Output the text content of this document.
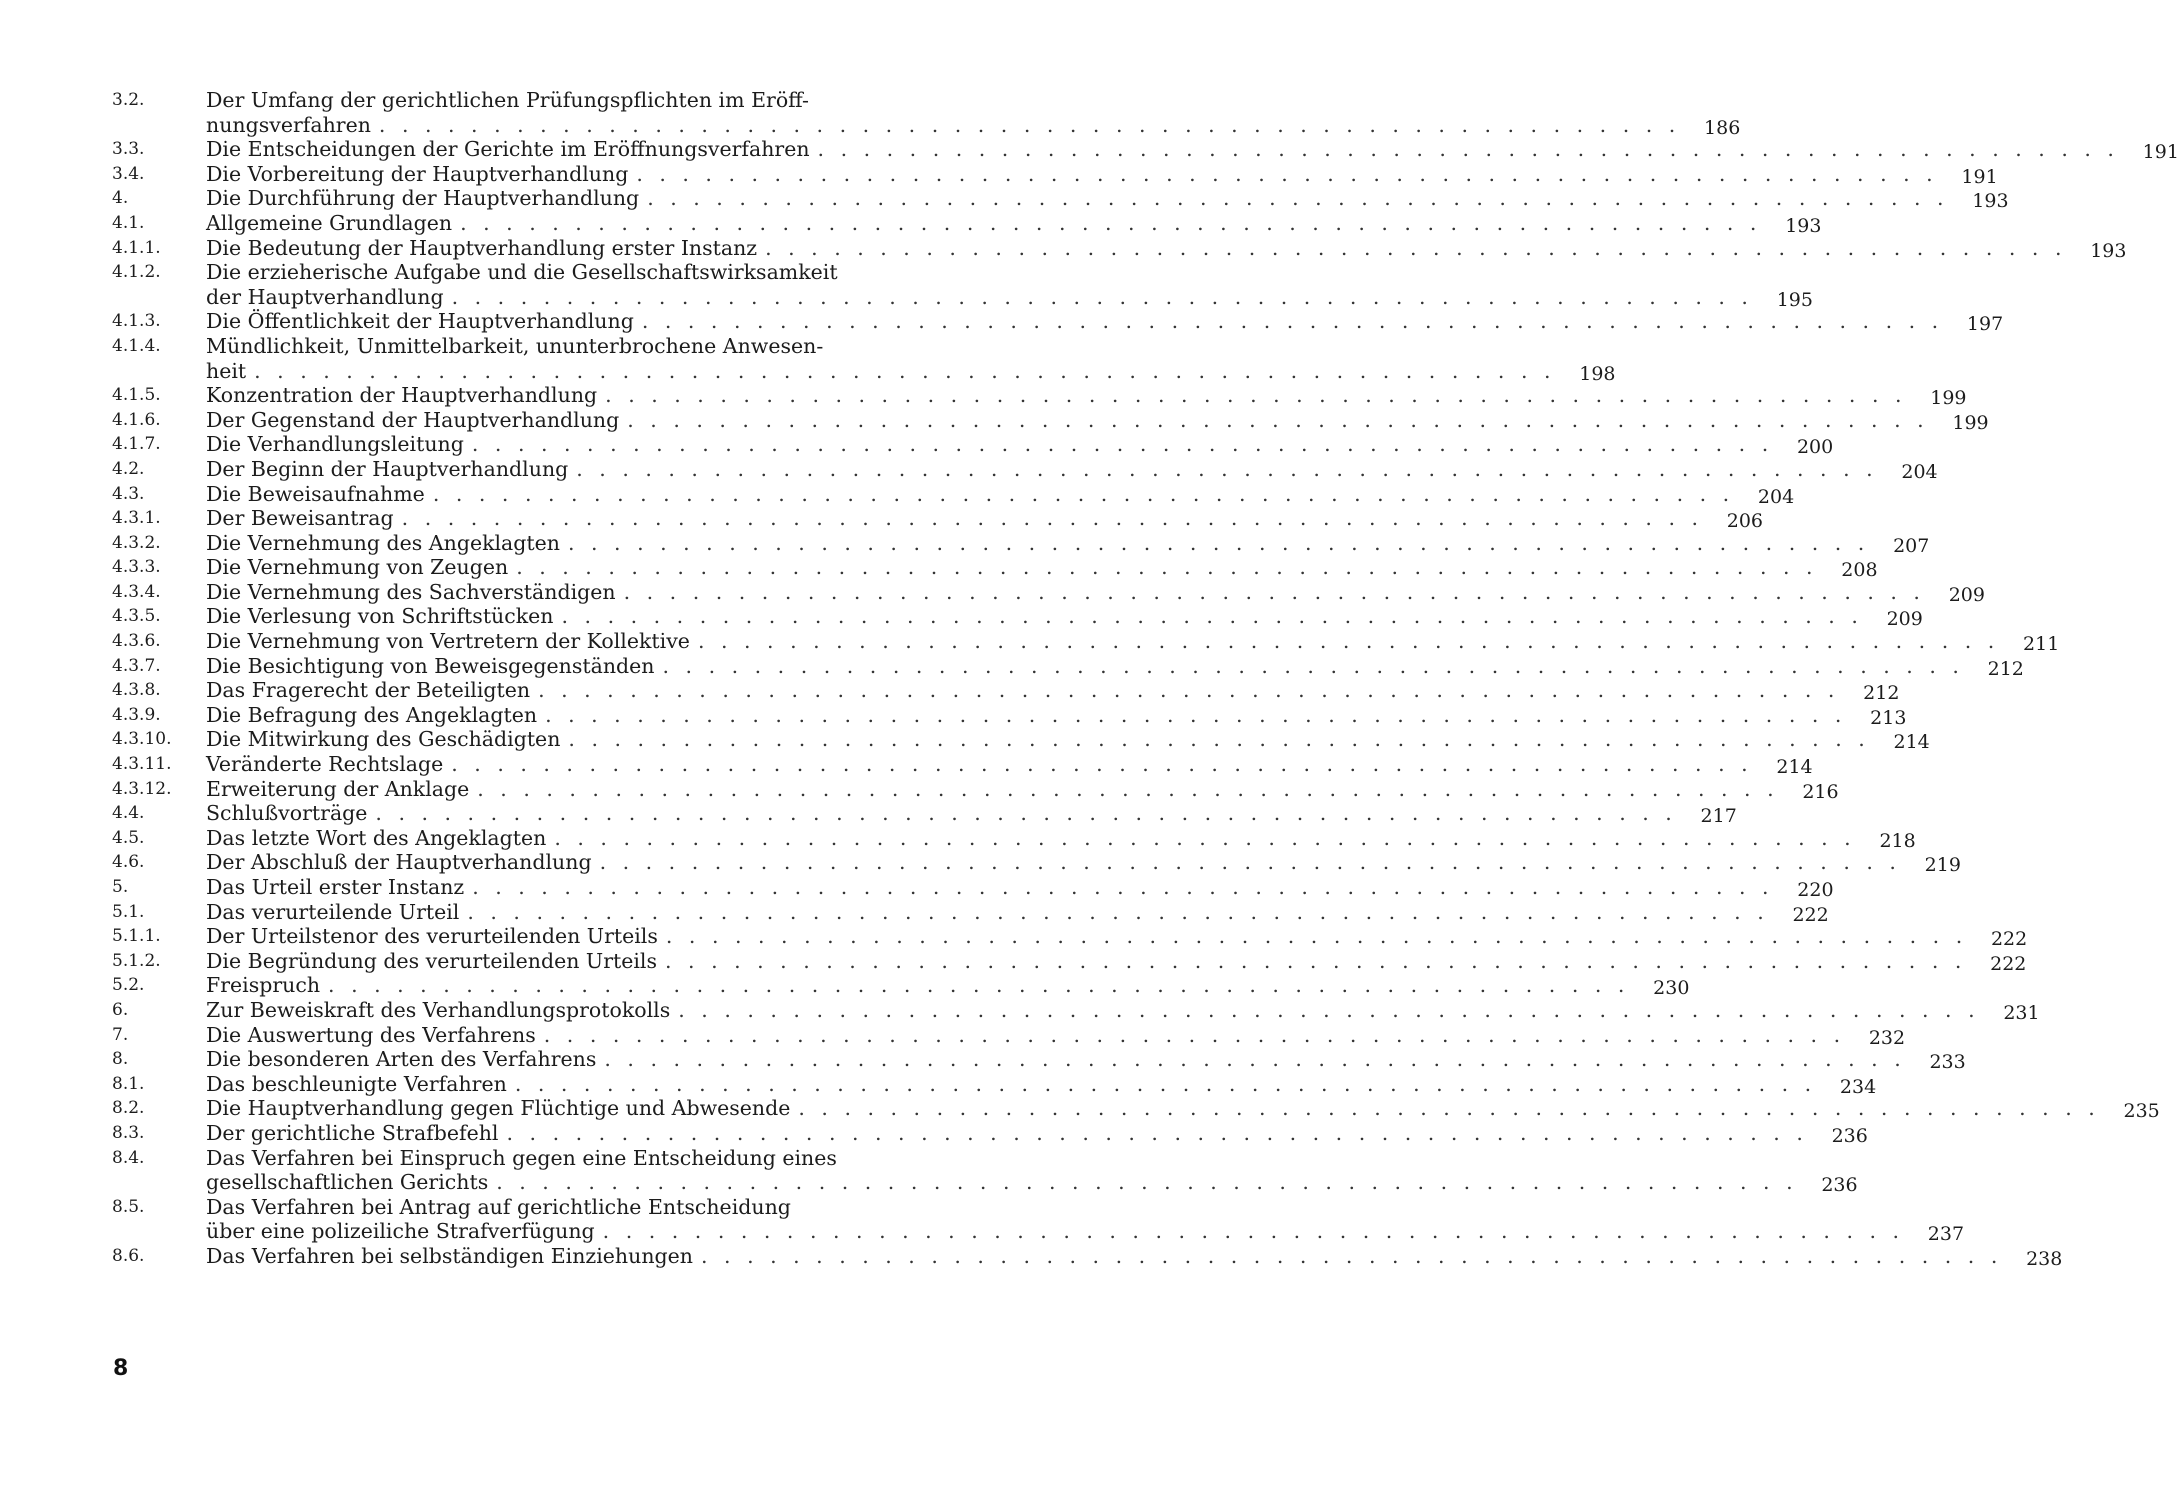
3.2.	Der Umfang der gerichtlichen Prüfungspflichten im Eröff-
nungsverfahren . . . . . . . . . . . . . . . . . . . . . . . . . . . . . . . . . . . . . . . . . . . . . . . . . . . . . . . . .	186
3.3.	Die Entscheidungen der Gerichte im Eröffnungsverfahren . . . . . . . . . . . . . . . . . . . . . . . . . . . . . . . . . . . . . . . . . . . . . . . . . . . . . . . . .	191
3.4.	Die Vorbereitung der Hauptverhandlung . . . . . . . . . . . . . . . . . . . . . . . . . . . . . . . . . . . . . . . . . . . . . . . . . . . . . . . . .	191
4.	Die Durchführung der Hauptverhandlung . . . . . . . . . . . . . . . . . . . . . . . . . . . . . . . . . . . . . . . . . . . . . . . . . . . . . . . . .	193
4.1.	Allgemeine Grundlagen . . . . . . . . . . . . . . . . . . . . . . . . . . . . . . . . . . . . . . . . . . . . . . . . . . . . . . . . .	193
4.1.1.	Die Bedeutung der Hauptverhandlung erster Instanz . . . . . . . . . . . . . . . . . . . . . . . . . . . . . . . . . . . . . . . . . . . . . . . . . . . . . . . . .	193
4.1.2.	Die erzieherische Aufgabe und die Gesellschaftswirksamkeit
der Hauptverhandlung . . . . . . . . . . . . . . . . . . . . . . . . . . . . . . . . . . . . . . . . . . . . . . . . . . . . . . . . .	195
4.1.3.	Die Öffentlichkeit der Hauptverhandlung . . . . . . . . . . . . . . . . . . . . . . . . . . . . . . . . . . . . . . . . . . . . . . . . . . . . . . . . .	197
4.1.4.	Mündlichkeit, Unmittelbarkeit, ununterbrochene Anwesen-
heit . . . . . . . . . . . . . . . . . . . . . . . . . . . . . . . . . . . . . . . . . . . . . . . . . . . . . . . . .	198
4.1.5.	Konzentration der Hauptverhandlung . . . . . . . . . . . . . . . . . . . . . . . . . . . . . . . . . . . . . . . . . . . . . . . . . . . . . . . . .	199
4.1.6.	Der Gegenstand der Hauptverhandlung . . . . . . . . . . . . . . . . . . . . . . . . . . . . . . . . . . . . . . . . . . . . . . . . . . . . . . . . .	199
4.1.7.	Die Verhandlungsleitung . . . . . . . . . . . . . . . . . . . . . . . . . . . . . . . . . . . . . . . . . . . . . . . . . . . . . . . . .	200
4.2.	Der Beginn der Hauptverhandlung . . . . . . . . . . . . . . . . . . . . . . . . . . . . . . . . . . . . . . . . . . . . . . . . . . . . . . . . .	204
4.3.	Die Beweisaufnahme . . . . . . . . . . . . . . . . . . . . . . . . . . . . . . . . . . . . . . . . . . . . . . . . . . . . . . . . .	204
4.3.1.	Der Beweisantrag . . . . . . . . . . . . . . . . . . . . . . . . . . . . . . . . . . . . . . . . . . . . . . . . . . . . . . . . .	206
4.3.2.	Die Vernehmung des Angeklagten . . . . . . . . . . . . . . . . . . . . . . . . . . . . . . . . . . . . . . . . . . . . . . . . . . . . . . . . .	207
4.3.3.	Die Vernehmung von Zeugen . . . . . . . . . . . . . . . . . . . . . . . . . . . . . . . . . . . . . . . . . . . . . . . . . . . . . . . . .	208
4.3.4.	Die Vernehmung des Sachverständigen . . . . . . . . . . . . . . . . . . . . . . . . . . . . . . . . . . . . . . . . . . . . . . . . . . . . . . . . .	209
4.3.5.	Die Verlesung von Schriftstücken . . . . . . . . . . . . . . . . . . . . . . . . . . . . . . . . . . . . . . . . . . . . . . . . . . . . . . . . .	209
4.3.6.	Die Vernehmung von Vertretern der Kollektive . . . . . . . . . . . . . . . . . . . . . . . . . . . . . . . . . . . . . . . . . . . . . . . . . . . . . . . . .	211
4.3.7.	Die Besichtigung von Beweisgegenständen . . . . . . . . . . . . . . . . . . . . . . . . . . . . . . . . . . . . . . . . . . . . . . . . . . . . . . . . .	212
4.3.8.	Das Fragerecht der Beteiligten . . . . . . . . . . . . . . . . . . . . . . . . . . . . . . . . . . . . . . . . . . . . . . . . . . . . . . . . .	212
4.3.9.	Die Befragung des Angeklagten . . . . . . . . . . . . . . . . . . . . . . . . . . . . . . . . . . . . . . . . . . . . . . . . . . . . . . . . .	213
4.3.10.	Die Mitwirkung des Geschädigten . . . . . . . . . . . . . . . . . . . . . . . . . . . . . . . . . . . . . . . . . . . . . . . . . . . . . . . . .	214
4.3.11.	Veränderte Rechtslage . . . . . . . . . . . . . . . . . . . . . . . . . . . . . . . . . . . . . . . . . . . . . . . . . . . . . . . . .	214
4.3.12.	Erweiterung der Anklage . . . . . . . . . . . . . . . . . . . . . . . . . . . . . . . . . . . . . . . . . . . . . . . . . . . . . . . . .	216
4.4.	Schlußvorträge . . . . . . . . . . . . . . . . . . . . . . . . . . . . . . . . . . . . . . . . . . . . . . . . . . . . . . . . .	217
4.5.	Das letzte Wort des Angeklagten . . . . . . . . . . . . . . . . . . . . . . . . . . . . . . . . . . . . . . . . . . . . . . . . . . . . . . . . .	218
4.6.	Der Abschluß der Hauptverhandlung . . . . . . . . . . . . . . . . . . . . . . . . . . . . . . . . . . . . . . . . . . . . . . . . . . . . . . . . .	219
5.	Das Urteil erster Instanz . . . . . . . . . . . . . . . . . . . . . . . . . . . . . . . . . . . . . . . . . . . . . . . . . . . . . . . . .	220
5.1.	Das verurteilende Urteil . . . . . . . . . . . . . . . . . . . . . . . . . . . . . . . . . . . . . . . . . . . . . . . . . . . . . . . . .	222
5.1.1.	Der Urteilstenor des verurteilenden Urteils . . . . . . . . . . . . . . . . . . . . . . . . . . . . . . . . . . . . . . . . . . . . . . . . . . . . . . . . .	222
5.1.2.	Die Begründung des verurteilenden Urteils . . . . . . . . . . . . . . . . . . . . . . . . . . . . . . . . . . . . . . . . . . . . . . . . . . . . . . . . .	222
5.2.	Freispruch . . . . . . . . . . . . . . . . . . . . . . . . . . . . . . . . . . . . . . . . . . . . . . . . . . . . . . . . .	230
6.	Zur Beweiskraft des Verhandlungsprotokolls . . . . . . . . . . . . . . . . . . . . . . . . . . . . . . . . . . . . . . . . . . . . . . . . . . . . . . . . .	231
7.	Die Auswertung des Verfahrens . . . . . . . . . . . . . . . . . . . . . . . . . . . . . . . . . . . . . . . . . . . . . . . . . . . . . . . . .	232
8.	Die besonderen Arten des Verfahrens . . . . . . . . . . . . . . . . . . . . . . . . . . . . . . . . . . . . . . . . . . . . . . . . . . . . . . . . .	233
8.1.	Das beschleunigte Verfahren . . . . . . . . . . . . . . . . . . . . . . . . . . . . . . . . . . . . . . . . . . . . . . . . . . . . . . . . .	234
8.2.	Die Hauptverhandlung gegen Flüchtige und Abwesende . . . . . . . . . . . . . . . . . . . . . . . . . . . . . . . . . . . . . . . . . . . . . . . . . . . . . . . . .	235
8.3.	Der gerichtliche Strafbefehl . . . . . . . . . . . . . . . . . . . . . . . . . . . . . . . . . . . . . . . . . . . . . . . . . . . . . . . . .	236
8.4.	Das Verfahren bei Einspruch gegen eine Entscheidung eines
gesellschaftlichen Gerichts . . . . . . . . . . . . . . . . . . . . . . . . . . . . . . . . . . . . . . . . . . . . . . . . . . . . . . . . .	236
8.5.	Das Verfahren bei Antrag auf gerichtliche Entscheidung
über eine polizeiliche Strafverfügung . . . . . . . . . . . . . . . . . . . . . . . . . . . . . . . . . . . . . . . . . . . . . . . . . . . . . . . . .	237
8.6.	Das Verfahren bei selbständigen Einziehungen . . . . . . . . . . . . . . . . . . . . . . . . . . . . . . . . . . . . . . . . . . . . . . . . . . . . . . . . .	238
8
